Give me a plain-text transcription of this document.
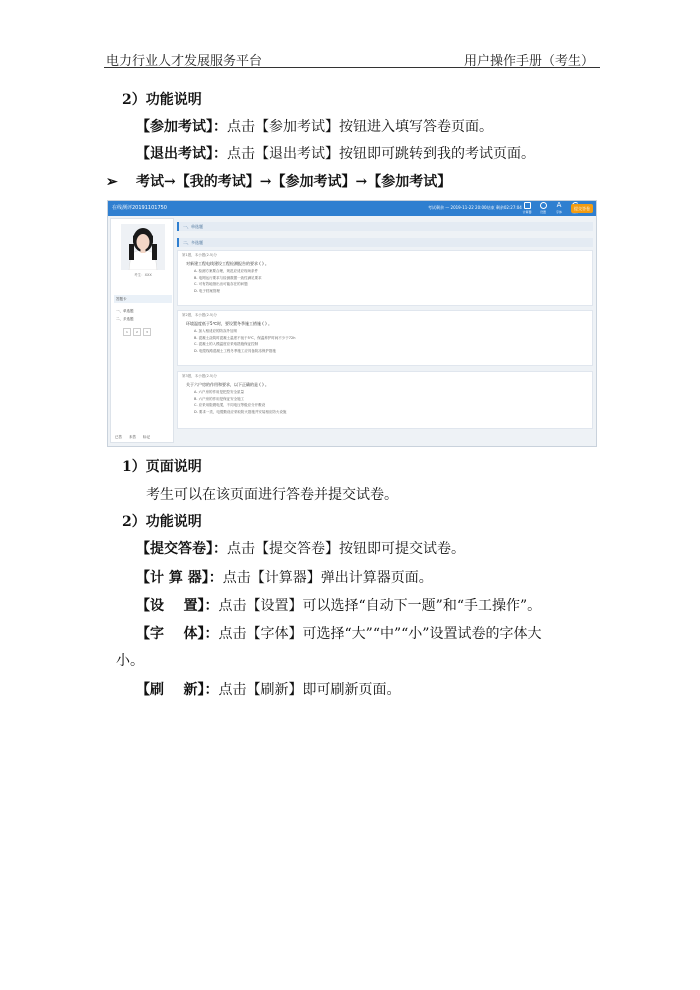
电力行业人才发展服务平台	用户操作手册（考生）
2）功能说明
【参加考试】：点击【参加考试】按钮进入填写答卷页面。
【退出考试】：点击【退出考试】按钮即可跳转到我的考试页面。
➢ 考试→【我的考试】→【参加考试】→【参加考试】
在线测评20191101750	考试剩余 — 2019-11-22 20:00结束 剩余02:27:04
计算器	设置
A
字体
提交答卷
考生：XXX
答题卡
一、单选题
二、多选题
1	2	3
已答 未答 标记
一、单选题
二、多选题
第1题，本小题(2.5)分
对新建工程电线建设工程检测报告的要求 ( ) 。
A. 检测方案要合理，规范应适应现场条件
B. 电网运行要求与检测数据一致性满足要求
C. 可有效地指出出可能存在的问题
D. 电子档案管理
第2题，本小题(2.5)分
环境温度低于5℃时，要设置冬季施工措施 ( ) 。
A. 加入相适应的防冻外加剂
B. 混凝土浇筑时混凝土温度不低于5℃，保温养护时间不少于72h
C. 混凝土的入模温度应采取措施保证控制
D. 电缆线路混凝土工程冬季施工应具备防冻保护措施
第3题，本小题(2.5)分
关于六户房的作用和要求，以下正确的是 ( ) 。
A. 六户房的作用是把控安全质量
B. 六户房的作用是保证安全施工
C. 应采用阻燃电缆，不同电压等级应分开敷设
D. 要求一类，电缆敷设应采取防火措施并安装相应防火设施
1）页面说明
考生可以在该页面进行答卷并提交试卷。
2）功能说明
【提交答卷】：点击【提交答卷】按钮即可提交试卷。
【计 算 器】：点击【计算器】弹出计算器页面。
【设    置】：点击【设置】可以选择“自动下一题”和“手工操作”。
【字    体】：点击【字体】可选择“大”“中”“小”设置试卷的字体大
小。
【刷    新】：点击【刷新】即可刷新页面。
